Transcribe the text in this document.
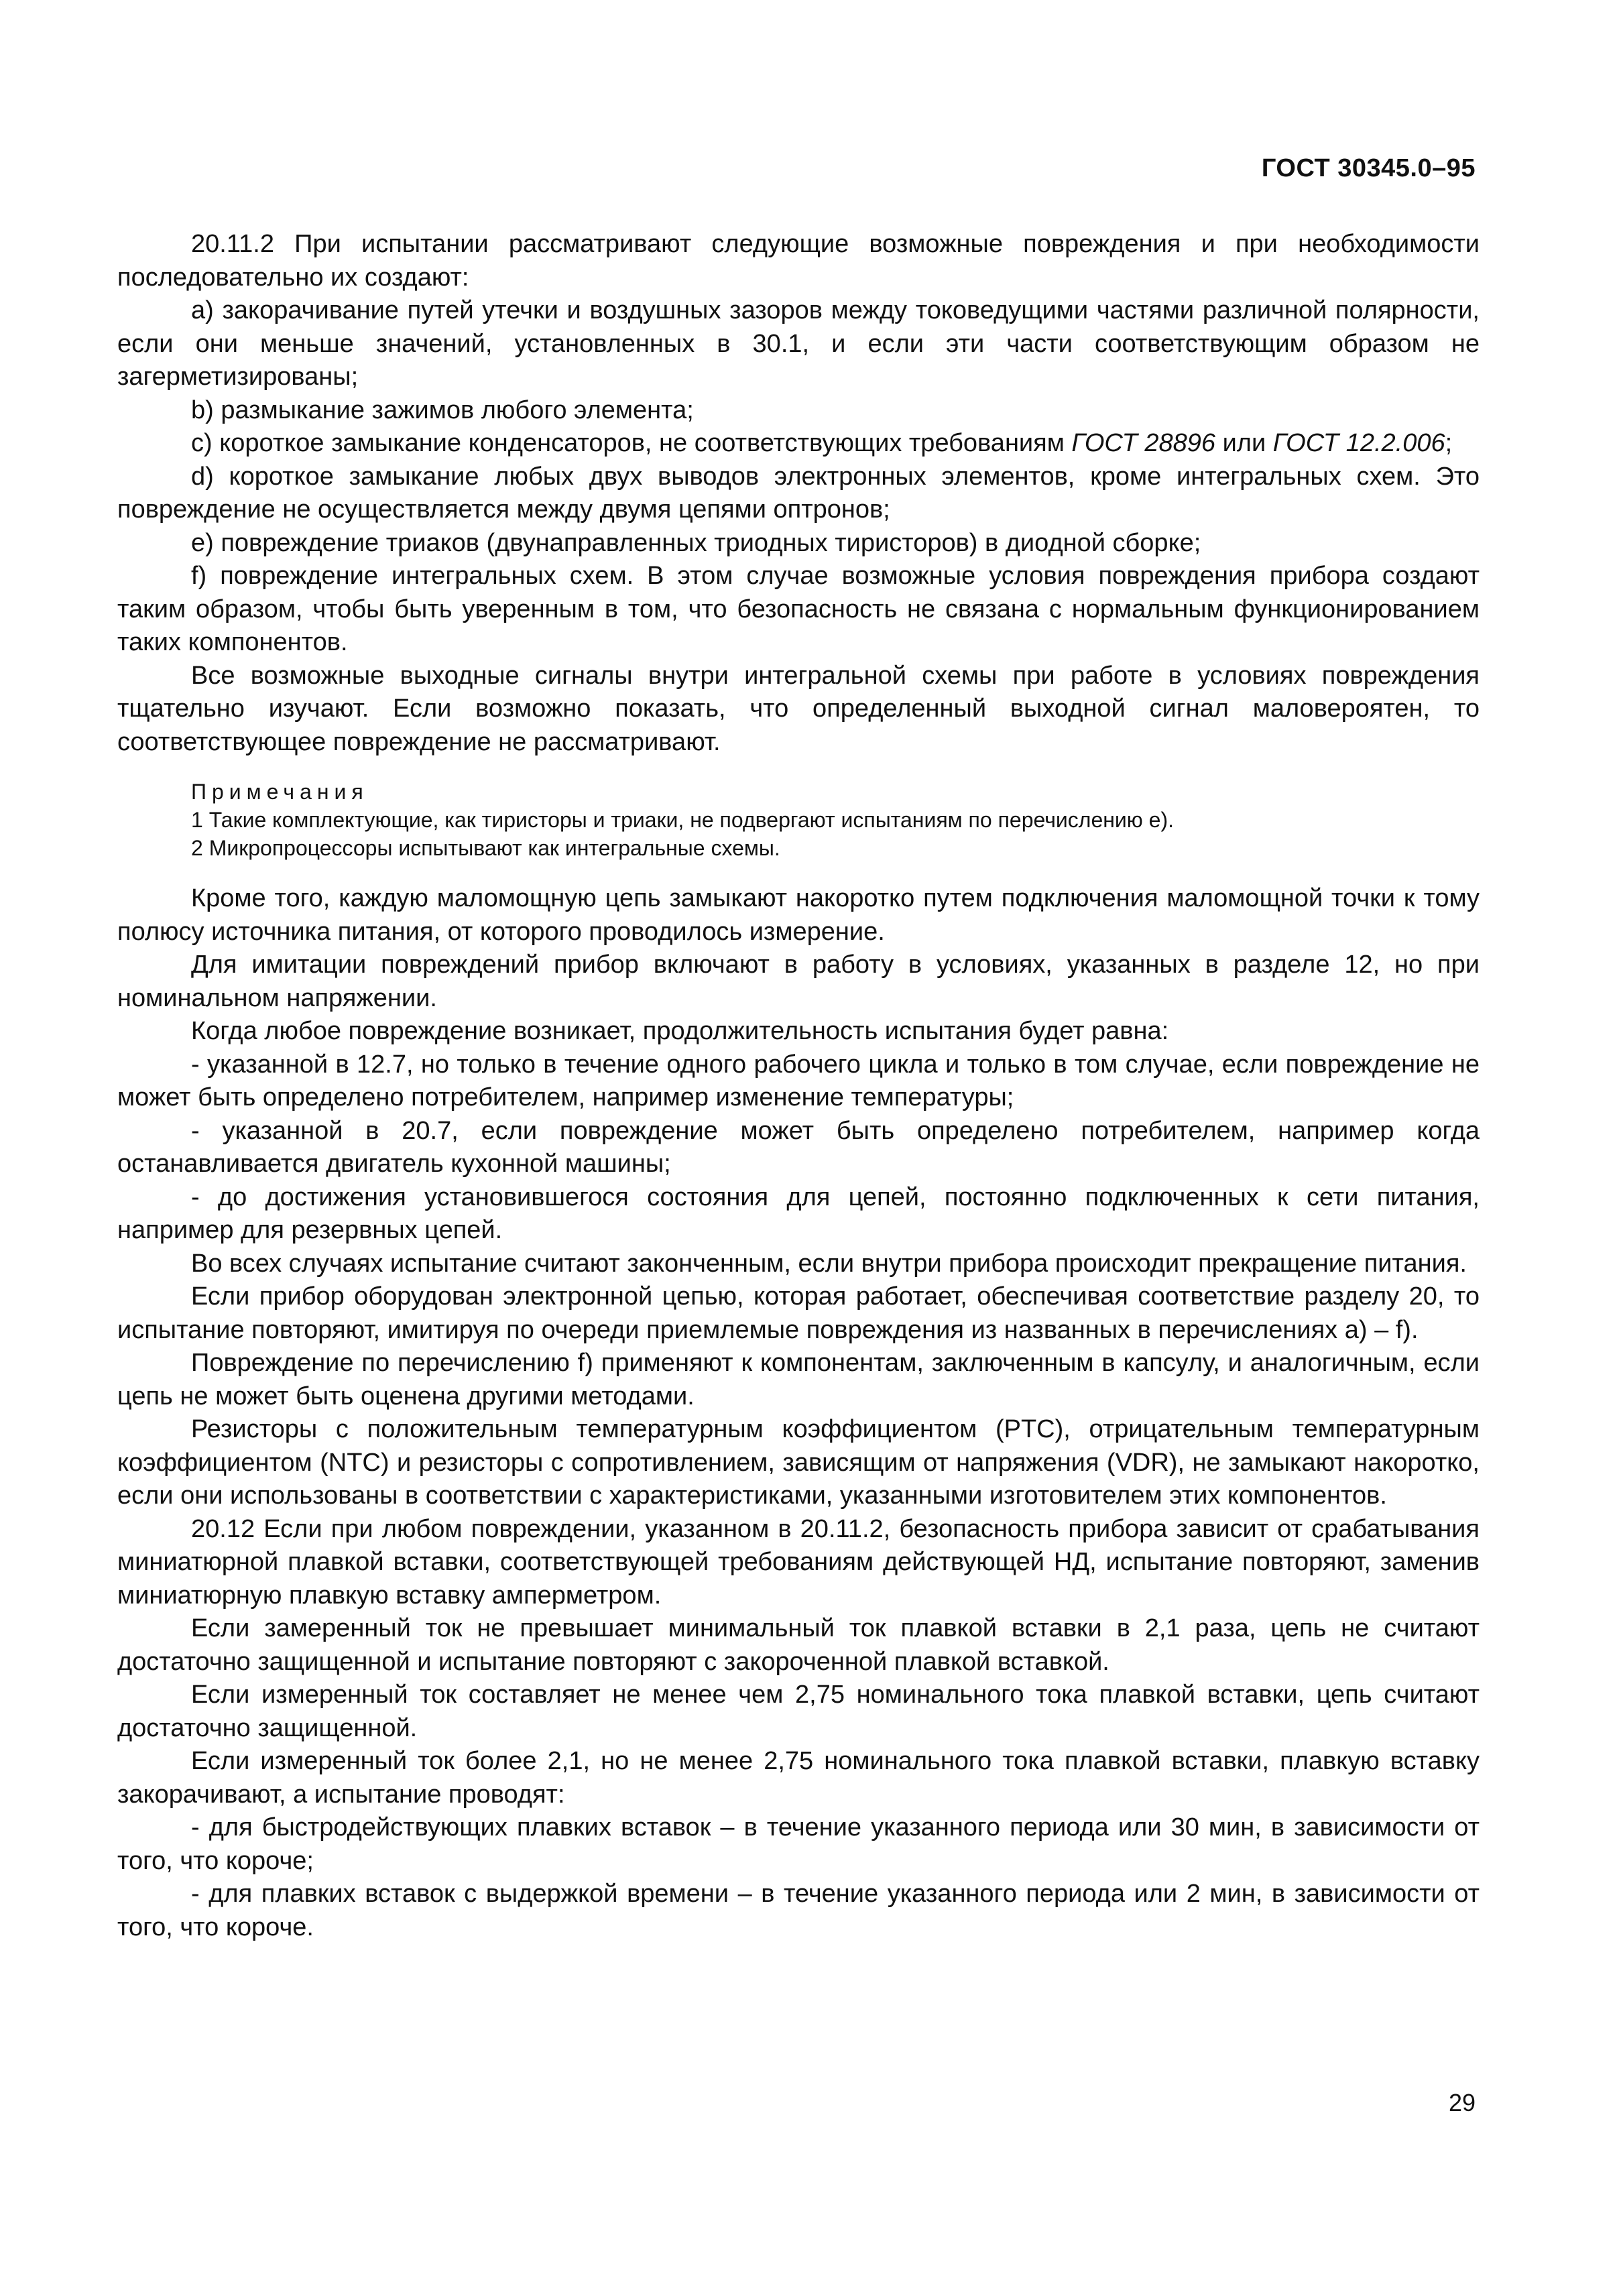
ГОСТ 30345.0–95

20.11.2 При испытании рассматривают следующие возможные повреждения и при необходимости последовательно их создают:

a) закорачивание путей утечки и воздушных зазоров между токоведущими частями различной полярности, если они меньше значений, установленных в 30.1, и если эти части соответствующим образом не загерметизированы;

b) размыкание зажимов любого элемента;

c) короткое замыкание конденсаторов, не соответствующих требованиям ГОСТ 28896 или ГОСТ 12.2.006;

d) короткое замыкание любых двух выводов электронных элементов, кроме интегральных схем. Это повреждение не осуществляется между двумя цепями оптронов;

e) повреждение триаков (двунаправленных триодных тиристоров) в диодной сборке;

f) повреждение интегральных схем. В этом случае возможные условия повреждения прибора создают таким образом, чтобы быть уверенным в том, что безопасность не связана с нормальным функционированием таких компонентов.

Все возможные выходные сигналы внутри интегральной схемы при работе в условиях повреждения тщательно изучают. Если возможно показать, что определенный выходной сигнал маловероятен, то соответствующее повреждение не рассматривают.

Примечания
1 Такие комплектующие, как тиристоры и триаки, не подвергают испытаниям по перечислению е).
2 Микропроцессоры испытывают как интегральные схемы.

Кроме того, каждую маломощную цепь замыкают накоротко путем подключения маломощной точки к тому полюсу источника питания, от которого проводилось измерение.

Для имитации повреждений прибор включают в работу в условиях, указанных в разделе 12, но при номинальном напряжении.

Когда любое повреждение возникает, продолжительность испытания будет равна:

- указанной в 12.7, но только в течение одного рабочего цикла и только в том случае, если повреждение не может быть определено потребителем, например изменение температуры;

- указанной в 20.7, если повреждение может быть определено потребителем, например когда останавливается двигатель кухонной машины;

- до достижения установившегося состояния для цепей, постоянно подключенных к сети питания, например для резервных цепей.

Во всех случаях испытание считают законченным, если внутри прибора происходит прекращение питания.

Если прибор оборудован электронной цепью, которая работает, обеспечивая соответствие разделу 20, то испытание повторяют, имитируя по очереди приемлемые повреждения из названных в перечислениях a) – f).

Повреждение по перечислению f) применяют к компонентам, заключенным в капсулу, и аналогичным, если цепь не может быть оценена другими методами.

Резисторы с положительным температурным коэффициентом (PTC), отрицательным температурным коэффициентом (NTC) и резисторы с сопротивлением, зависящим от напряжения (VDR), не замыкают накоротко, если они использованы в соответствии с характеристиками, указанными изготовителем этих компонентов.

20.12 Если при любом повреждении, указанном в 20.11.2, безопасность прибора зависит от срабатывания миниатюрной плавкой вставки, соответствующей требованиям действующей НД, испытание повторяют, заменив миниатюрную плавкую вставку амперметром.

Если замеренный ток не превышает минимальный ток плавкой вставки в 2,1 раза, цепь не считают достаточно защищенной и испытание повторяют с закороченной плавкой вставкой.

Если измеренный ток составляет не менее чем 2,75 номинального тока плавкой вставки, цепь считают достаточно защищенной.

Если измеренный ток более 2,1, но не менее 2,75 номинального тока плавкой вставки, плавкую вставку закорачивают, а испытание проводят:

- для быстродействующих плавких вставок – в течение указанного периода или 30 мин, в зависимости от того, что короче;

- для плавких вставок с выдержкой времени – в течение указанного периода или 2 мин, в зависимости от того, что короче.

29
